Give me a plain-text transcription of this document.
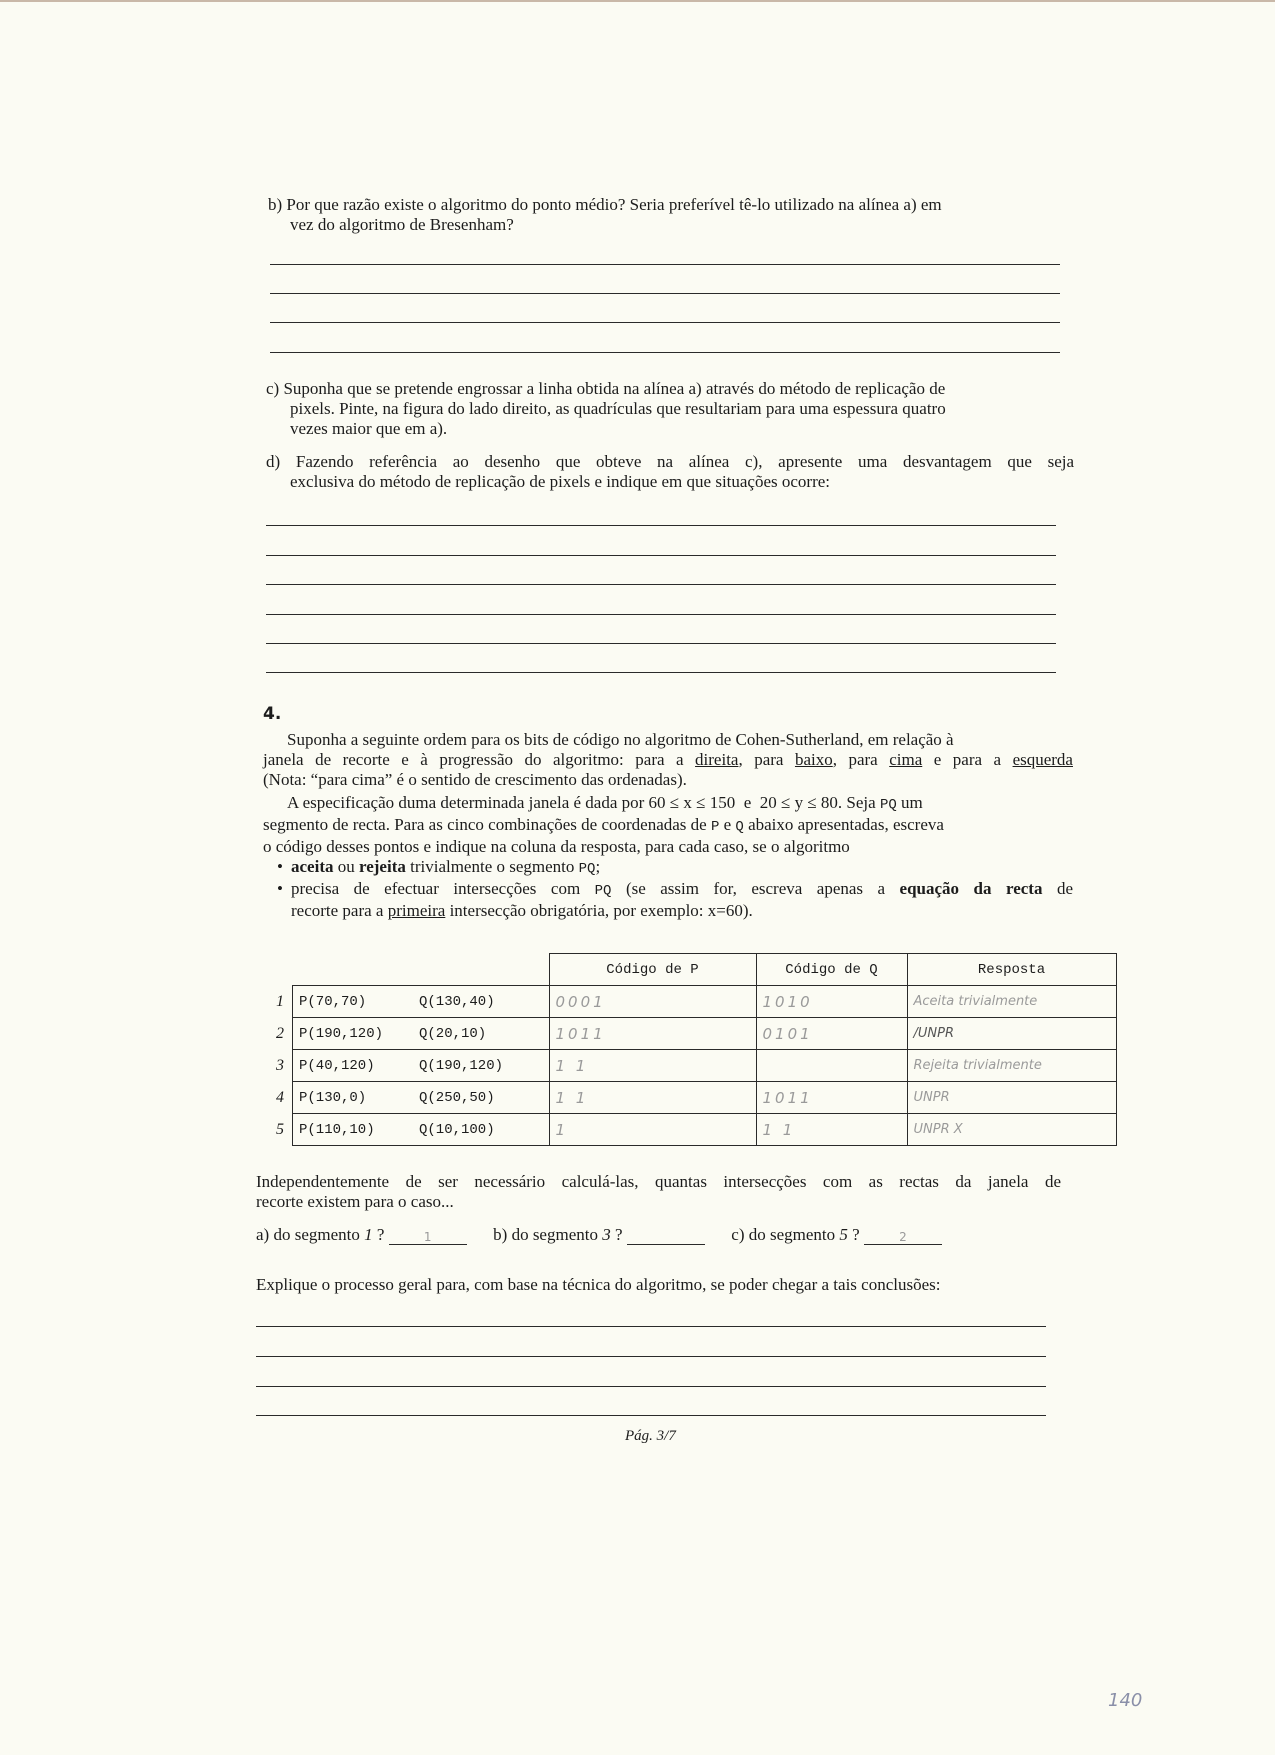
b) Por que razão existe o algoritmo do ponto médio? Seria preferível tê-lo utilizado na alínea a) em
vez do algoritmo de Bresenham?
c) Suponha que se pretende engrossar a linha obtida na alínea a) através do método de replicação de
pixels. Pinte, na figura do lado direito, as quadrículas que resultariam para uma espessura quatro
vezes maior que em a).
d) Fazendo referência ao desenho que obteve na alínea c), apresente uma desvantagem que seja
exclusiva do método de replicação de pixels e indique em que situações ocorre:
4.
Suponha a seguinte ordem para os bits de código no algoritmo de Cohen-Sutherland, em relação à
janela de recorte e à progressão do algoritmo: para a direita, para baixo, para cima e para a esquerda
(Nota: “para cima” é o sentido de crescimento das ordenadas).
A especificação duma determinada janela é dada por 60 ≤ x ≤ 150  e  20 ≤ y ≤ 80. Seja PQ um
segmento de recta. Para as cinco combinações de coordenadas de P e Q abaixo apresentadas, escreva
o código desses pontos e indique na coluna da resposta, para cada caso, se o algoritmo
• aceita ou rejeita trivialmente o segmento PQ;
• precisa de efectuar intersecções com PQ (se assim for, escreva apenas a equação da recta de
recorte para a primeira intersecção obrigatória, por exemplo: x=60).
		Código de P	Código de Q	Resposta
1	P(70,70) Q(130,40)	0001	1010	Aceita trivialmente
2	P(190,120) Q(20,10)	1011	0101	/UNPR
3	P(40,120) Q(190,120)	1 1		Rejeita trivialmente
4	P(130,0) Q(250,50)	1 1	1011	UNPR
5	P(110,10) Q(10,100)	1	1 1	UNPR X
Independentemente de ser necessário calculá-las, quantas intersecções com as rectas da janela de
recorte existem para o caso...
a) do segmento 1 ?	1	b) do segmento 3 ?	c) do segmento 5 ?	2
Explique o processo geral para, com base na técnica do algoritmo, se poder chegar a tais conclusões:
Pág. 3/7
140
